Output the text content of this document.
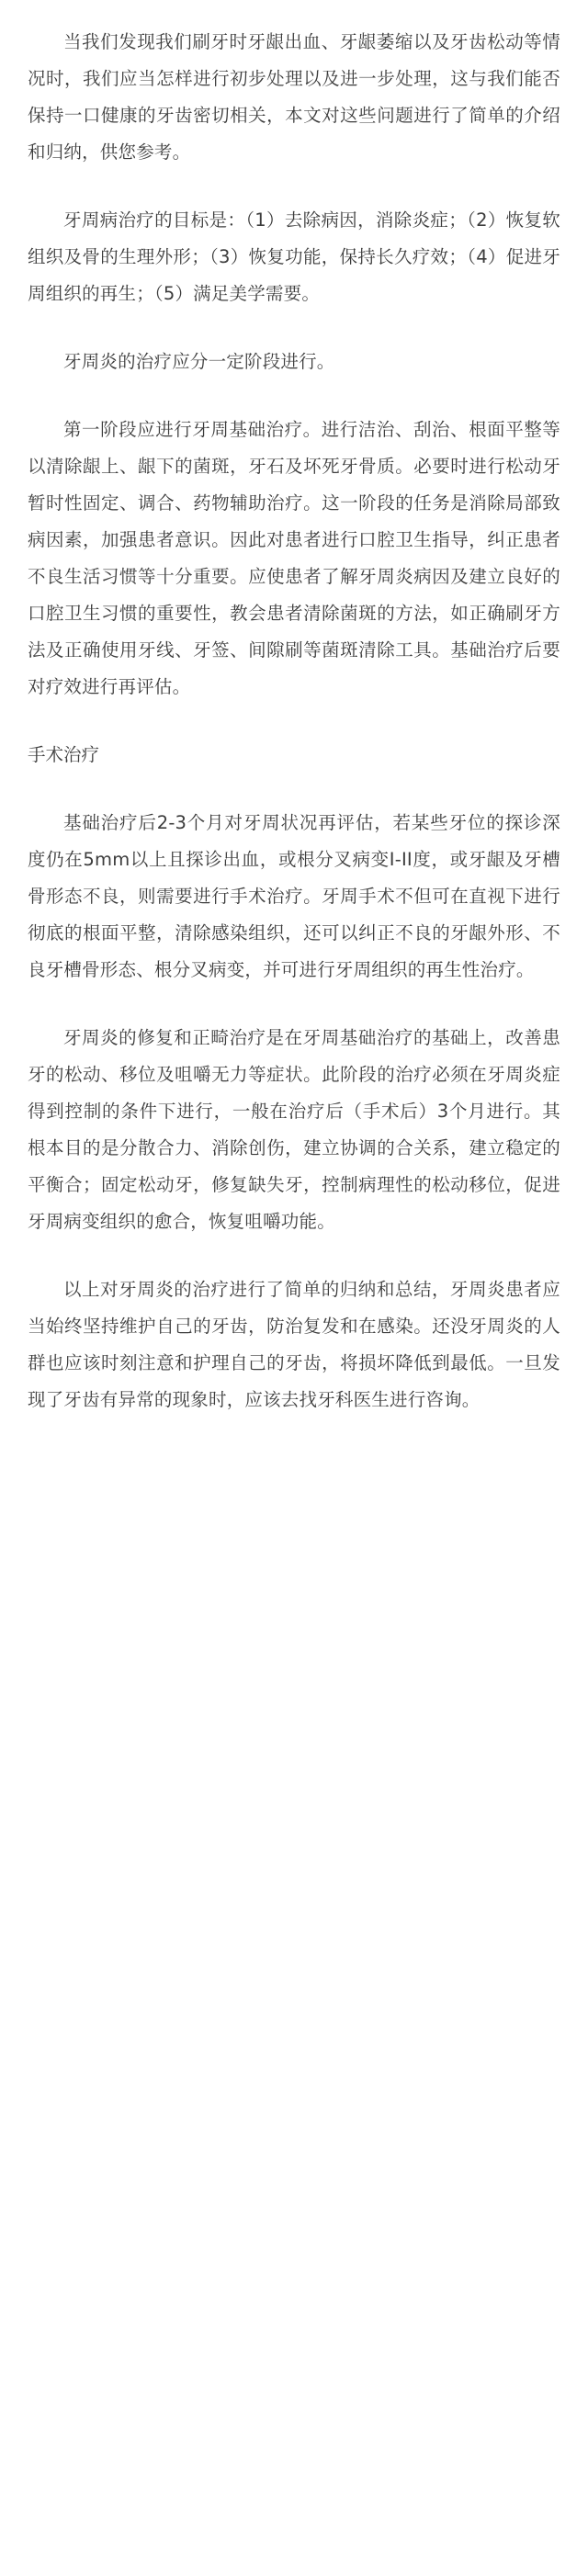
当我们发现我们刷牙时牙龈出血、牙龈萎缩以及牙齿松动等情况时，我们应当怎样进行初步处理以及进一步处理，这与我们能否保持一口健康的牙齿密切相关，本文对这些问题进行了简单的介绍和归纳，供您参考。

牙周病治疗的目标是：（1）去除病因，消除炎症；（2）恢复软组织及骨的生理外形；（3）恢复功能，保持长久疗效；（4）促进牙周组织的再生；（5）满足美学需要。

牙周炎的治疗应分一定阶段进行。

第一阶段应进行牙周基础治疗。进行洁治、刮治、根面平整等以清除龈上、龈下的菌斑，牙石及坏死牙骨质。必要时进行松动牙暂时性固定、调合、药物辅助治疗。这一阶段的任务是消除局部致病因素，加强患者意识。因此对患者进行口腔卫生指导，纠正患者不良生活习惯等十分重要。应使患者了解牙周炎病因及建立良好的口腔卫生习惯的重要性，教会患者清除菌斑的方法，如正确刷牙方法及正确使用牙线、牙签、间隙刷等菌斑清除工具。基础治疗后要对疗效进行再评估。

手术治疗

基础治疗后2-3个月对牙周状况再评估，若某些牙位的探诊深度仍在5mm以上且探诊出血，或根分叉病变I-II度，或牙龈及牙槽骨形态不良，则需要进行手术治疗。牙周手术不但可在直视下进行彻底的根面平整，清除感染组织，还可以纠正不良的牙龈外形、不良牙槽骨形态、根分叉病变，并可进行牙周组织的再生性治疗。

牙周炎的修复和正畸治疗是在牙周基础治疗的基础上，改善患牙的松动、移位及咀嚼无力等症状。此阶段的治疗必须在牙周炎症得到控制的条件下进行，一般在治疗后（手术后）3个月进行。其根本目的是分散合力、消除创伤，建立协调的合关系，建立稳定的平衡合；固定松动牙，修复缺失牙，控制病理性的松动移位，促进牙周病变组织的愈合，恢复咀嚼功能。

以上对牙周炎的治疗进行了简单的归纳和总结，牙周炎患者应当始终坚持维护自己的牙齿，防治复发和在感染。还没牙周炎的人群也应该时刻注意和护理自己的牙齿，将损坏降低到最低。一旦发现了牙齿有异常的现象时，应该去找牙科医生进行咨询。
